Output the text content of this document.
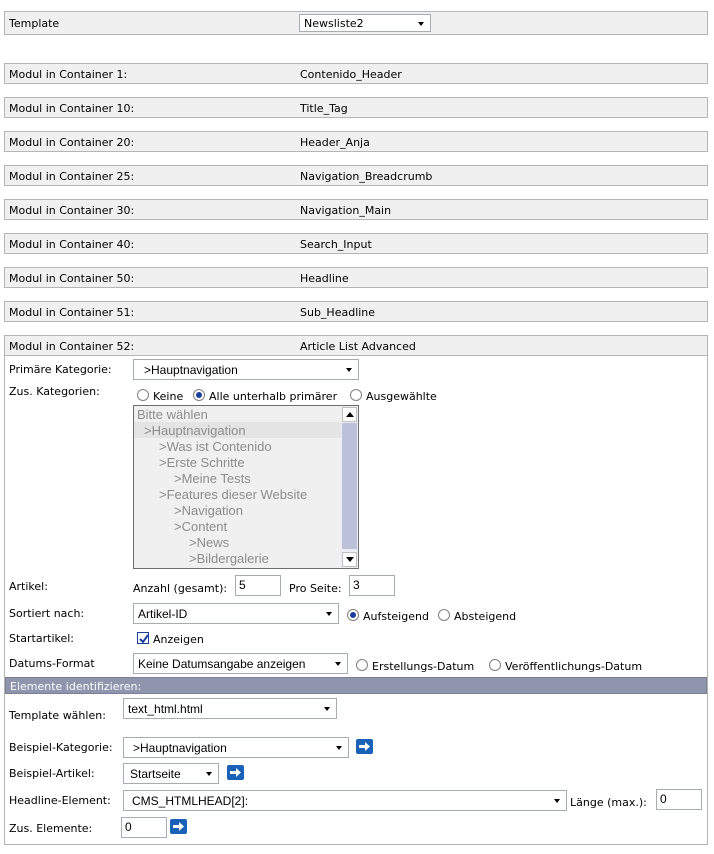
Template	Newsliste2
Modul in Container 1:	Contenido_Header
Modul in Container 10:	Title_Tag
Modul in Container 20:	Header_Anja
Modul in Container 25:	Navigation_Breadcrumb
Modul in Container 30:	Navigation_Main
Modul in Container 40:	Search_Input
Modul in Container 50:	Headline
Modul in Container 51:	Sub_Headline
Modul in Container 52:	Article List Advanced
Primäre Kategorie:	>Hauptnavigation
Zus. Kategorien:	Keine Alle unterhalb primärer	Ausgewählte
Bitte wählen
>Hauptnavigation
>Was ist Contenido
>Erste Schritte
>Meine Tests
>Features dieser Website
>Navigation
>Content
>News
>Bildergalerie
Artikel:	Anzahl (gesamt): 5	Pro Seite: 3
Sortiert nach:	Artikel-ID	Aufsteigend Absteigend
Startartikel:	Anzeigen
Datums-Format	Keine Datumsangabe anzeigen	Erstellungs-Datum	Veröffentlichungs-Datum
Elemente identifizieren:
Template wählen:	text_html.html
Beispiel-Kategorie:	>Hauptnavigation
Beispiel-Artikel:	Startseite
Headline-Element:	CMS_HTMLHEAD[2]:	Länge (max.):	0
Zus. Elemente:	0
